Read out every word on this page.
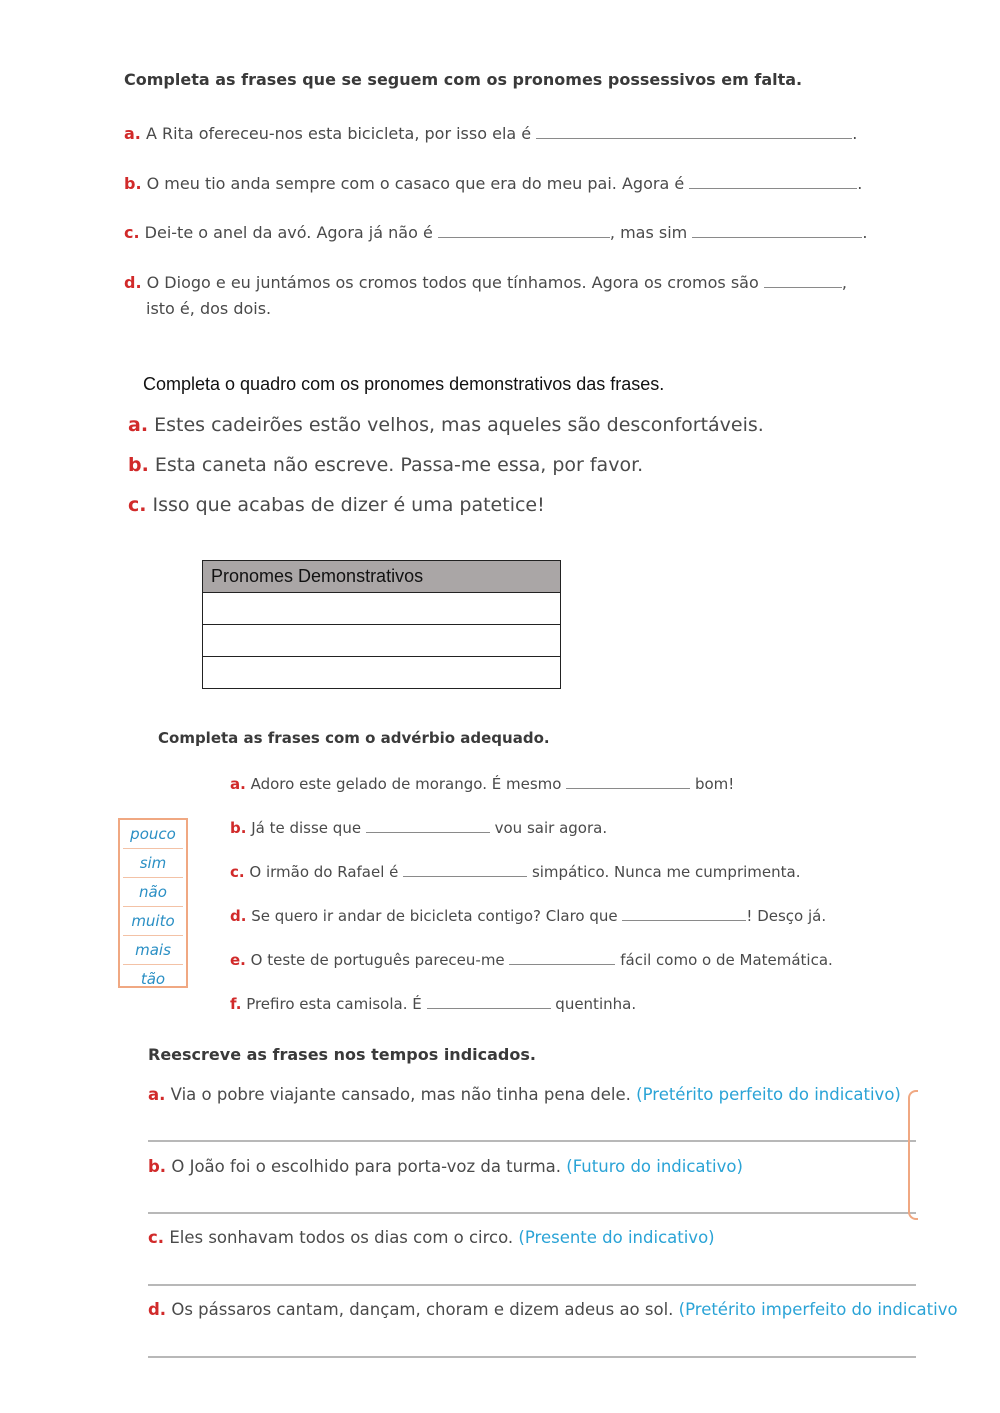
Completa as frases que se seguem com os pronomes possessivos em falta.
a. A Rita ofereceu-nos esta bicicleta, por isso ela é	.
b. O meu tio anda sempre com o casaco que era do meu pai. Agora é	.
c. Dei-te o anel da avó. Agora já não é	, mas sim	.
d. O Diogo e eu juntámos os cromos todos que tínhamos. Agora os cromos são	,
isto é, dos dois.
Completa o quadro com os pronomes demonstrativos das frases.
a. Estes cadeirões estão velhos, mas aqueles são desconfortáveis.
b. Esta caneta não escreve. Passa-me essa, por favor.
c. Isso que acabas de dizer é uma patetice!
Pronomes Demonstrativos

Completa as frases com o advérbio adequado.
pouco
sim
não
muito
mais
tão
a. Adoro este gelado de morango. É mesmo	bom!
b. Já te disse que	vou sair agora.
c. O irmão do Rafael é	simpático. Nunca me cumprimenta.
d. Se quero ir andar de bicicleta contigo? Claro que	! Desço já.
e. O teste de português pareceu-me	fácil como o de Matemática.
f. Prefiro esta camisola. É	quentinha.
Reescreve as frases nos tempos indicados.
a. Via o pobre viajante cansado, mas não tinha pena dele. (Pretérito perfeito do indicativo)
b. O João foi o escolhido para porta-voz da turma. (Futuro do indicativo)
c. Eles sonhavam todos os dias com o circo. (Presente do indicativo)
d. Os pássaros cantam, dançam, choram e dizem adeus ao sol. (Pretérito imperfeito do indicativo
